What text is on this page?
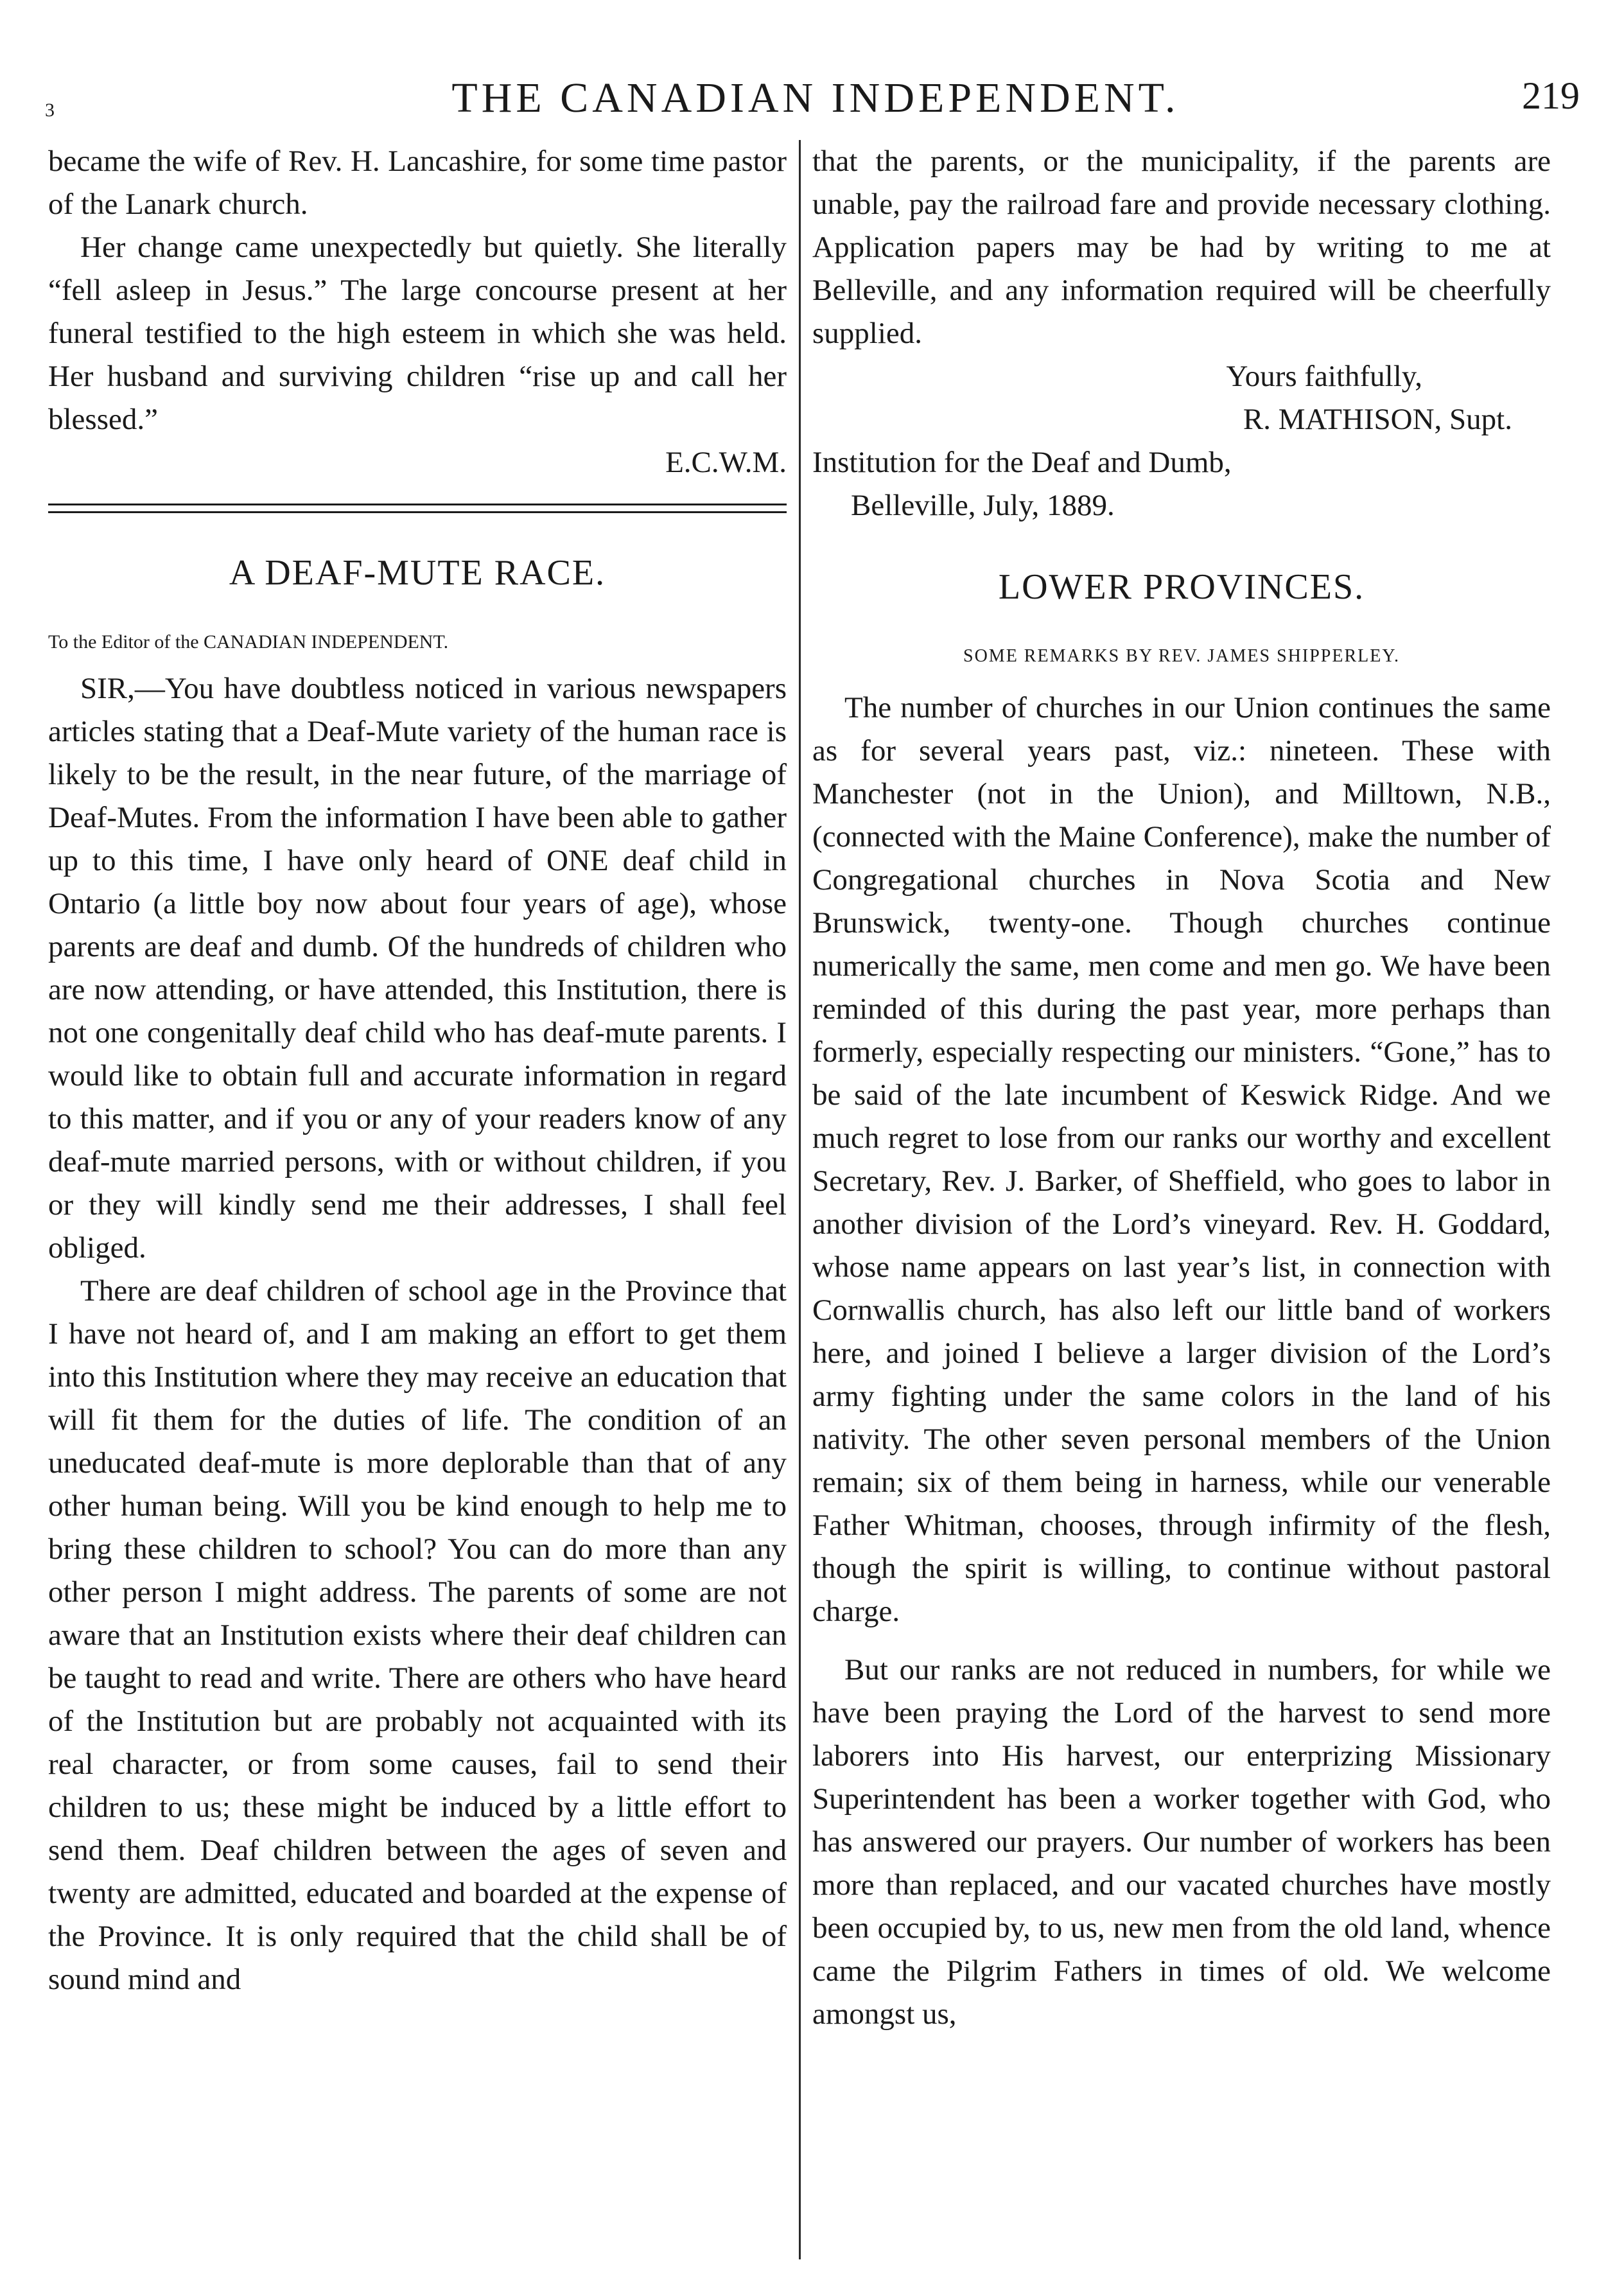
3	THE CANADIAN INDEPENDENT.	219

became the wife of Rev. H. Lancashire, for some time pastor of the Lanark church.

Her change came unexpectedly but quietly. She literally “fell asleep in Jesus.” The large concourse present at her funeral testified to the high esteem in which she was held. Her husband and surviving children “rise up and call her blessed.”

E.C.W.M.

A DEAF-MUTE RACE.
To the Editor of the CANADIAN INDEPENDENT.

SIR,—You have doubtless noticed in various newspapers articles stating that a Deaf-Mute variety of the human race is likely to be the result, in the near future, of the marriage of Deaf-Mutes. From the information I have been able to gather up to this time, I have only heard of ONE deaf child in Ontario (a little boy now about four years of age), whose parents are deaf and dumb. Of the hundreds of children who are now attending, or have attended, this Institution, there is not one congenitally deaf child who has deaf-mute parents. I would like to obtain full and accurate information in regard to this matter, and if you or any of your readers know of any deaf-mute married persons, with or without children, if you or they will kindly send me their addresses, I shall feel obliged.

There are deaf children of school age in the Province that I have not heard of, and I am making an effort to get them into this Institution where they may receive an education that will fit them for the duties of life. The condition of an uneducated deaf-mute is more deplorable than that of any other human being. Will you be kind enough to help me to bring these children to school? You can do more than any other person I might address. The parents of some are not aware that an Institution exists where their deaf children can be taught to read and write. There are others who have heard of the Institution but are probably not acquainted with its real character, or from some causes, fail to send their children to us; these might be induced by a little effort to send them. Deaf children between the ages of seven and twenty are admitted, educated and boarded at the expense of the Province. It is only required that the child shall be of sound mind and

that the parents, or the municipality, if the parents are unable, pay the railroad fare and provide necessary clothing. Application papers may be had by writing to me at Belleville, and any information required will be cheerfully supplied.

Yours faithfully,

R. MATHISON, Supt.

Institution for the Deaf and Dumb,

Belleville, July, 1889.

LOWER PROVINCES.
SOME REMARKS BY REV. JAMES SHIPPERLEY.

The number of churches in our Union continues the same as for several years past, viz.: nineteen. These with Manchester (not in the Union), and Milltown, N.B., (connected with the Maine Conference), make the number of Congregational churches in Nova Scotia and New Brunswick, twenty-one. Though churches continue numerically the same, men come and men go. We have been reminded of this during the past year, more perhaps than formerly, especially respecting our ministers. “Gone,” has to be said of the late incumbent of Keswick Ridge. And we much regret to lose from our ranks our worthy and excellent Secretary, Rev. J. Barker, of Sheffield, who goes to labor in another division of the Lord’s vineyard. Rev. H. Goddard, whose name appears on last year’s list, in connection with Cornwallis church, has also left our little band of workers here, and joined I believe a larger division of the Lord’s army fighting under the same colors in the land of his nativity. The other seven personal members of the Union remain; six of them being in harness, while our venerable Father Whitman, chooses, through infirmity of the flesh, though the spirit is willing, to continue without pastoral charge.

But our ranks are not reduced in numbers, for while we have been praying the Lord of the harvest to send more laborers into His harvest, our enterprizing Missionary Superintendent has been a worker together with God, who has answered our prayers. Our number of workers has been more than replaced, and our vacated churches have mostly been occupied by, to us, new men from the old land, whence came the Pilgrim Fathers in times of old. We welcome amongst us,
